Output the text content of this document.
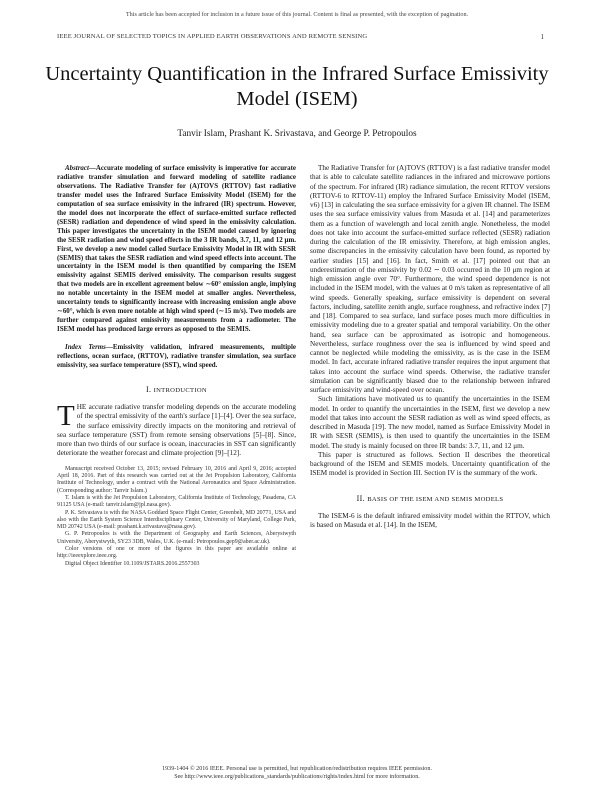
This article has been accepted for inclusion in a future issue of this journal. Content is final as presented, with the exception of pagination.
IEEE JOURNAL OF SELECTED TOPICS IN APPLIED EARTH OBSERVATIONS AND REMOTE SENSING	1
Uncertainty Quantification in the Infrared Surface Emissivity Model (ISEM)
Tanvir Islam, Prashant K. Srivastava, and George P. Petropoulos

Abstract—Accurate modeling of surface emissivity is imperative for accurate radiative transfer simulation and forward modeling of satellite radiance observations. The Radiative Transfer for (A)TOVS (RTTOV) fast radiative transfer model uses the Infrared Surface Emissivity Model (ISEM) for the computation of sea surface emissivity in the infrared (IR) spectrum. However, the model does not incorporate the effect of surface-emitted surface reflected (SESR) radiation and dependence of wind speed in the emissivity calculation. This paper investigates the uncertainty in the ISEM model caused by ignoring the SESR radiation and wind speed effects in the 3 IR bands, 3.7, 11, and 12 μm. First, we develop a new model called Surface Emissivity Model in IR with SESR (SEMIS) that takes the SESR radiation and wind speed effects into account. The uncertainty in the ISEM model is then quantified by comparing the ISEM emissivity against SEMIS derived emissivity. The comparison results suggest that two models are in excellent agreement below ∼60° emission angle, implying no notable uncertainty in the ISEM model at smaller angles. Nevertheless, uncertainty tends to significantly increase with increasing emission angle above ∼60°, which is even more notable at high wind speed (∼15 m/s). Two models are further compared against emissivity measurements from a radiometer. The ISEM model has produced large errors as opposed to the SEMIS.

Index Terms—Emissivity validation, infrared measurements, multiple reflections, ocean surface, (RTTOV), radiative transfer simulation, sea surface emissivity, sea surface temperature (SST), wind speed.

I. INTRODUCTION
THE accurate radiative transfer modeling depends on the accurate modeling of the spectral emissivity of the earth's surface [1]–[4]. Over the sea surface, the surface emissivity directly impacts on the monitoring and retrieval of sea surface temperature (SST) from remote sensing observations [5]–[8]. Since, more than two thirds of our surface is ocean, inaccuracies in SST can significantly deteriorate the weather forecast and climate projection [9]–[12].

Manuscript received October 13, 2015; revised February 10, 2016 and April 9, 2016; accepted April 18, 2016. Part of this research was carried out at the Jet Propulsion Laboratory, California Institute of Technology, under a contract with the National Aeronautics and Space Administration. (Corresponding author: Tanvir Islam.)

T. Islam is with the Jet Propulsion Laboratory, California Institute of Technology, Pasadena, CA 91125 USA (e-mail: tanvir.islam@jpl.nasa.gov).

P. K. Srivastava is with the NASA Goddard Space Flight Center, Greenbelt, MD 20771, USA and also with the Earth System Science Interdisciplinary Center, University of Maryland, College Park, MD 20742 USA (e-mail: prashant.k.srivastava@nasa.gov).

G. P. Petropoulos is with the Department of Geography and Earth Sciences, Aberystwyth University, Aberystwyth, SY23 3DB, Wales, U.K. (e-mail: Petropoulos.gep9@aber.ac.uk).

Color versions of one or more of the figures in this paper are available online at http://ieeexplore.ieee.org.

Digital Object Identifier 10.1109/JSTARS.2016.2557303

The Radiative Transfer for (A)TOVS (RTTOV) is a fast radiative transfer model that is able to calculate satellite radiances in the infrared and microwave portions of the spectrum. For infrared (IR) radiance simulation, the recent RTTOV versions (RTTOV-6 to RTTOV-11) employ the Infrared Surface Emissivity Model (ISEM, v6) [13] in calculating the sea surface emissivity for a given IR channel. The ISEM uses the sea surface emissivity values from Masuda et al. [14] and parameterizes them as a function of wavelength and local zenith angle. Nonetheless, the model does not take into account the surface-emitted surface reflected (SESR) radiation during the calculation of the IR emissivity. Therefore, at high emission angles, some discrepancies in the emissivity calculation have been found, as reported by earlier studies [15] and [16]. In fact, Smith et al. [17] pointed out that an underestimation of the emissivity by 0.02 ∼ 0.03 occurred in the 10 μm region at high emission angle over 70°. Furthermore, the wind speed dependence is not included in the ISEM model, with the values at 0 m/s taken as representative of all wind speeds. Generally speaking, surface emissivity is dependent on several factors, including, satellite zenith angle, surface roughness, and refractive index [7] and [18]. Compared to sea surface, land surface poses much more difficulties in emissivity modeling due to a greater spatial and temporal variability. On the other hand, sea surface can be approximated as isotropic and homogeneous. Nevertheless, surface roughness over the sea is influenced by wind speed and cannot be neglected while modeling the emissivity, as is the case in the ISEM model. In fact, accurate infrared radiative transfer requires the input argument that takes into account the surface wind speeds. Otherwise, the radiative transfer simulation can be significantly biased due to the relationship between infrared surface emissivity and wind-speed over ocean.

Such limitations have motivated us to quantify the uncertainties in the ISEM model. In order to quantify the uncertainties in the ISEM, first we develop a new model that takes into account the SESR radiation as well as wind speed effects, as described in Masuda [19]. The new model, named as Surface Emissivity Model in IR with SESR (SEMIS), is then used to quantify the uncertainties in the ISEM model. The study is mainly focused on three IR bands: 3.7, 11, and 12 μm.

This paper is structured as follows. Section II describes the theoretical background of the ISEM and SEMIS models. Uncertainty quantification of the ISEM model is provided in Section III. Section IV is the summary of the work.

II. BASIS OF THE ISEM AND SEMIS MODELS

The ISEM-6 is the default infrared emissivity model within the RTTOV, which is based on Masuda et al. [14]. In the ISEM,

1939-1404 © 2016 IEEE. Personal use is permitted, but republication/redistribution requires IEEE permission.
See http://www.ieee.org/publications_standards/publications/rights/index.html for more information.
